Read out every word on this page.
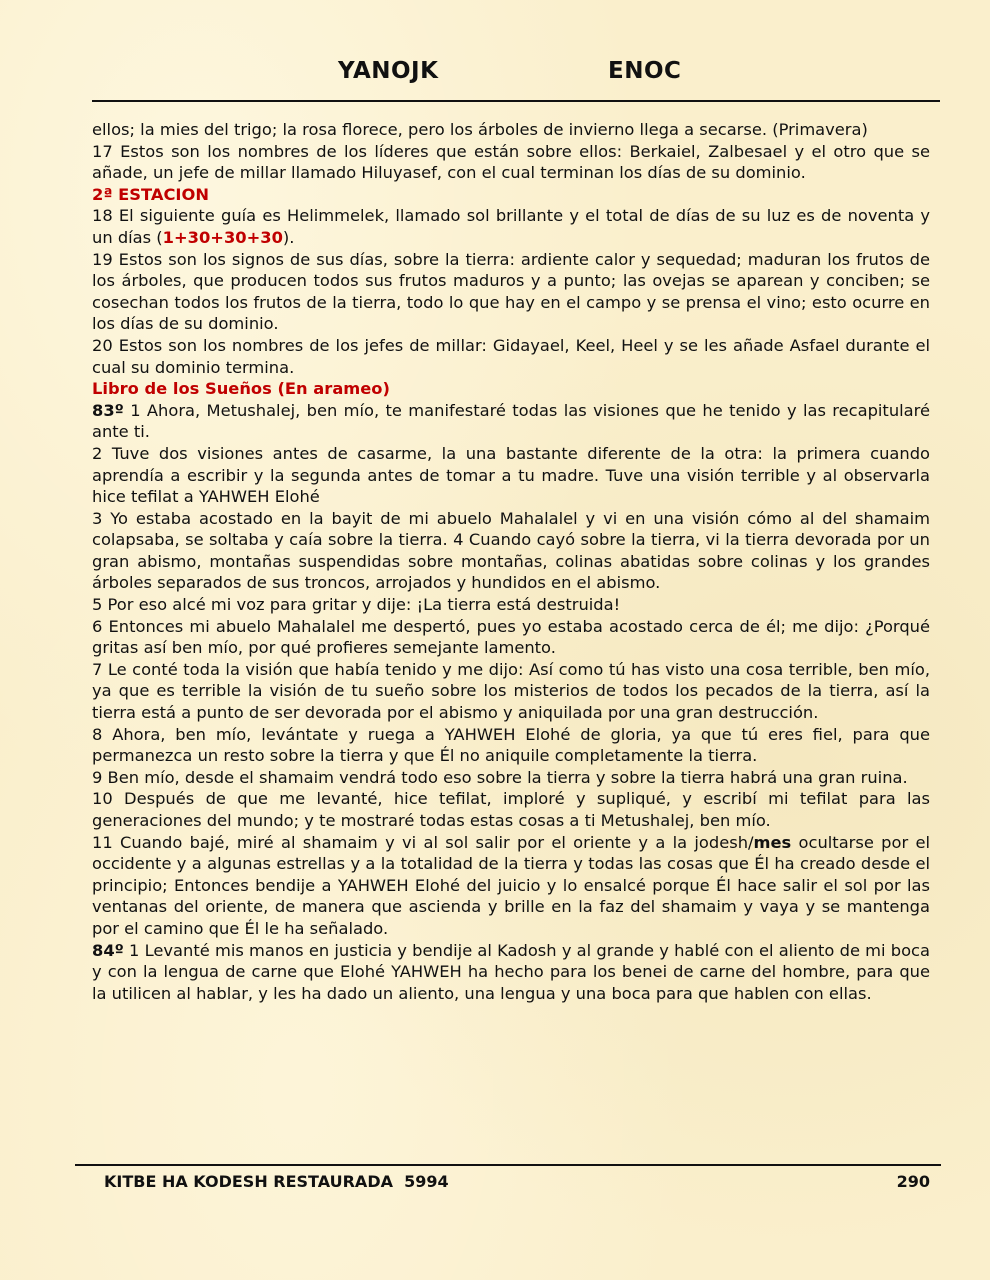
YANOJK	ENOC

ellos; la mies del trigo; la rosa florece, pero los árboles de invierno llega a secarse. (Primavera)

17 Estos son los nombres de los líderes que están sobre ellos: Berkaiel, Zalbesael y el otro que se añade, un jefe de millar llamado Hiluyasef, con el cual terminan los días de su dominio.

2ª ESTACION

18 El siguiente guía es Helimmelek, llamado sol brillante y el total de días de su luz es de noventa y un días (1+30+30+30).

19 Estos son los signos de sus días, sobre la tierra: ardiente calor y sequedad; maduran los frutos de los árboles, que producen todos sus frutos maduros y a punto; las ovejas se aparean y conciben; se cosechan todos los frutos de la tierra, todo lo que hay en el campo y se prensa el vino; esto ocurre en los días de su dominio.

20 Estos son los nombres de los jefes de millar: Gidayael, Keel, Heel y se les añade Asfael durante el cual su dominio termina.

Libro de los Sueños (En arameo)

83º 1 Ahora, Metushalej, ben mío, te manifestaré todas las visiones que he tenido y las recapitularé ante ti.

2 Tuve dos visiones antes de casarme, la una bastante diferente de la otra: la primera cuando aprendía a escribir y la segunda antes de tomar a tu madre. Tuve una visión terrible y al observarla hice tefilat a YAHWEH Elohé

3 Yo estaba acostado en la bayit de mi abuelo Mahalalel y vi en una visión cómo al del shamaim colapsaba, se soltaba y caía sobre la tierra. 4 Cuando cayó sobre la tierra, vi la tierra devorada por un gran abismo, montañas suspendidas sobre montañas, colinas abatidas sobre colinas y los grandes árboles separados de sus troncos, arrojados y hundidos en el abismo.

5 Por eso alcé mi voz para gritar y dije: ¡La tierra está destruida!

6 Entonces mi abuelo Mahalalel me despertó, pues yo estaba acostado cerca de él; me dijo: ¿Porqué gritas así ben mío, por qué profieres semejante lamento.

7 Le conté toda la visión que había tenido y me dijo: Así como tú has visto una cosa terrible, ben mío, ya que es terrible la visión de tu sueño sobre los misterios de todos los pecados de la tierra, así la tierra está a punto de ser devorada por el abismo y aniquilada por una gran destrucción.

8 Ahora, ben mío, levántate y ruega a YAHWEH Elohé de gloria, ya que tú eres fiel, para que permanezca un resto sobre la tierra y que Él no aniquile completamente la tierra.

9 Ben mío, desde el shamaim vendrá todo eso sobre la tierra y sobre la tierra habrá una gran ruina.

10 Después de que me levanté, hice tefilat, imploré y supliqué, y escribí mi tefilat para las generaciones del mundo; y te mostraré todas estas cosas a ti Metushalej, ben mío.

11 Cuando bajé, miré al shamaim y vi al sol salir por el oriente y a la jodesh/mes ocultarse por el occidente y a algunas estrellas y a la totalidad de la tierra y todas las cosas que Él ha creado desde el principio; Entonces bendije a YAHWEH Elohé del juicio y lo ensalcé porque Él hace salir el sol por las ventanas del oriente, de manera que ascienda y brille en la faz del shamaim y vaya y se mantenga por el camino que Él le ha señalado.

84º 1 Levanté mis manos en justicia y bendije al Kadosh y al grande y hablé con el aliento de mi boca y con la lengua de carne que Elohé YAHWEH ha hecho para los benei de carne del hombre, para que la utilicen al hablar, y les ha dado un aliento, una lengua y una boca para que hablen con ellas.

KITBE HA KODESH RESTAURADA  5994	290
